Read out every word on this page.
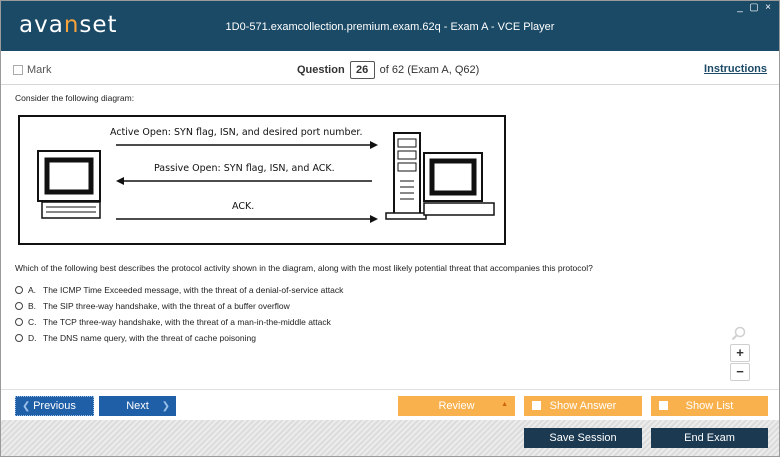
avanset	1D0-571.examcollection.premium.exam.62q - Exam A - VCE Player
_ ▢ ×
Mark	Question	26	of 62 (Exam A, Q62)	Instructions
Consider the following diagram:
Active Open: SYN flag, ISN, and desired port number.
Passive Open: SYN flag, ISN, and ACK.
ACK.
Which of the following best describes the protocol activity shown in the diagram, along with the most likely potential threat that accompanies this protocol?
A. The ICMP Time Exceeded message, with the threat of a denial-of-service attack
B. The SIP three-way handshake, with the threat of a buffer overflow
C. The TCP three-way handshake, with the threat of a man-in-the-middle attack
D. The DNS name query, with the threat of cache poisoning
+
−
❮ Previous	Next ❯	Review	▲	Show Answer	Show List
Save Session	End Exam
